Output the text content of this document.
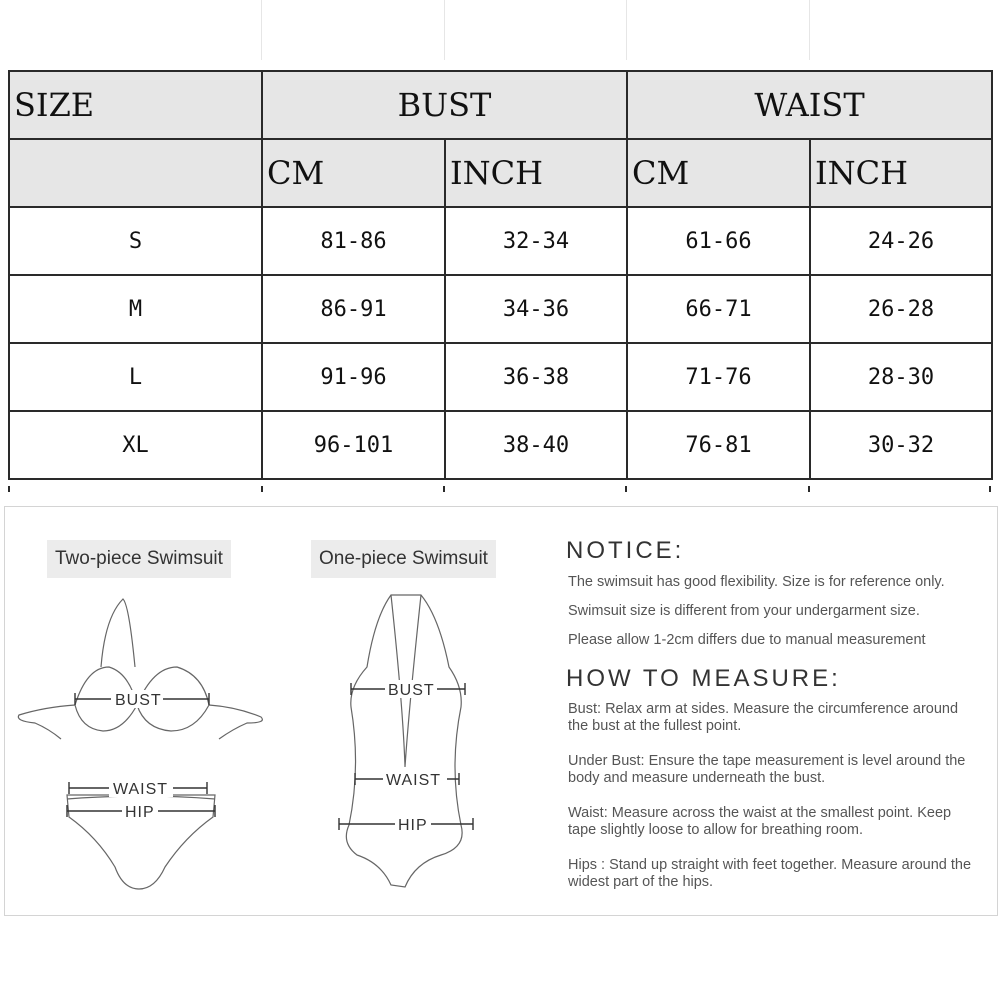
SIZE	BUST		WAIST	
	CM	INCH	CM	INCH
S	81-86	32-34	61-66	24-26
M	86-91	34-36	66-71	26-28
L	91-96	36-38	71-76	28-30
XL	96-101	38-40	76-81	30-32
Two-piece Swimsuit	One-piece Swimsuit
BUST
WAIST
HIP
BUST
WAIST
HIP
NOTICE:
The swimsuit has good flexibility. Size is for reference only.
Swimsuit size is different from your undergarment size.
Please allow 1-2cm differs due to manual measurement
HOW TO MEASURE:
Bust: Relax arm at sides. Measure the circumference around the bust at the fullest point.
Under Bust: Ensure the tape measurement is level around the body and measure underneath the bust.
Waist: Measure across the waist at the smallest point. Keep tape slightly loose to allow for breathing room.
Hips : Stand up straight with feet together. Measure around the widest part of the hips.
